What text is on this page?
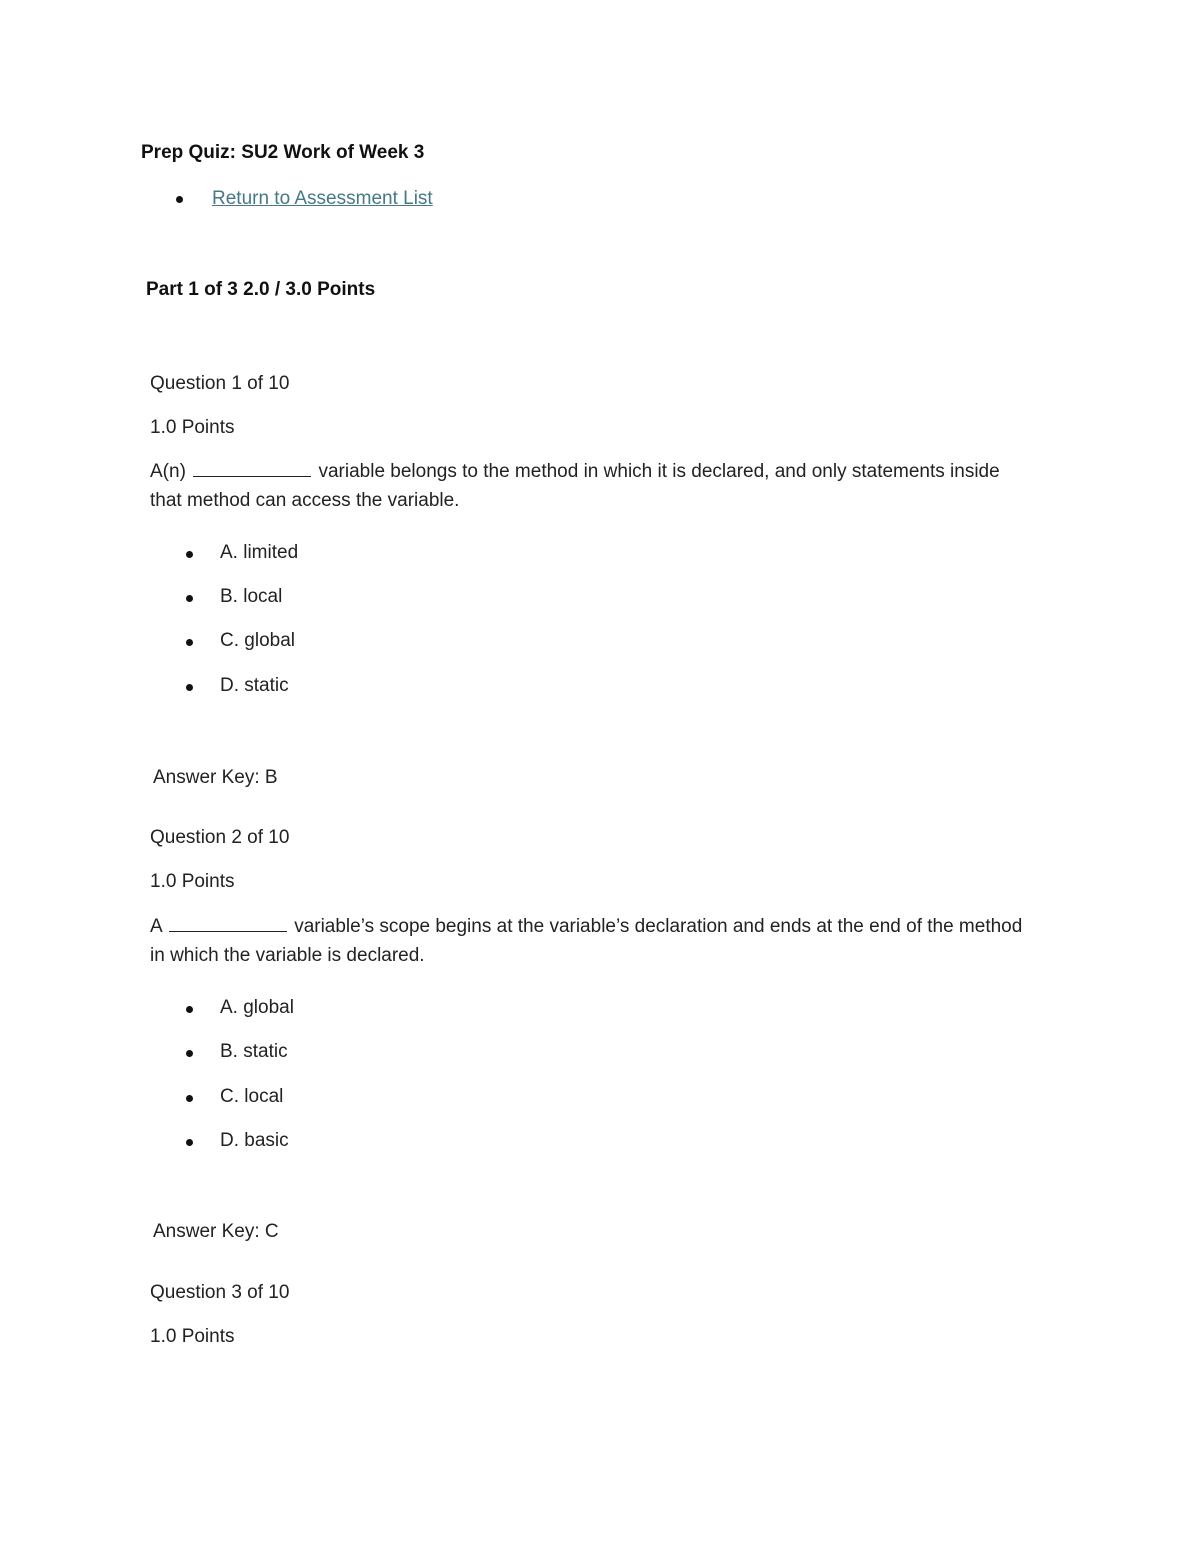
Prep Quiz: SU2 Work of Week 3
Return to Assessment List
Part 1 of 3 2.0 / 3.0 Points
Question 1 of 10
1.0 Points
A(n)	variable belongs to the method in which it is declared, and only statements inside that method can access the variable.
A. limited
B. local
C. global
D. static
Answer Key: B
Question 2 of 10
1.0 Points
A	variable’s scope begins at the variable’s declaration and ends at the end of the method in which the variable is declared.
A. global
B. static
C. local
D. basic
Answer Key: C
Question 3 of 10
1.0 Points
